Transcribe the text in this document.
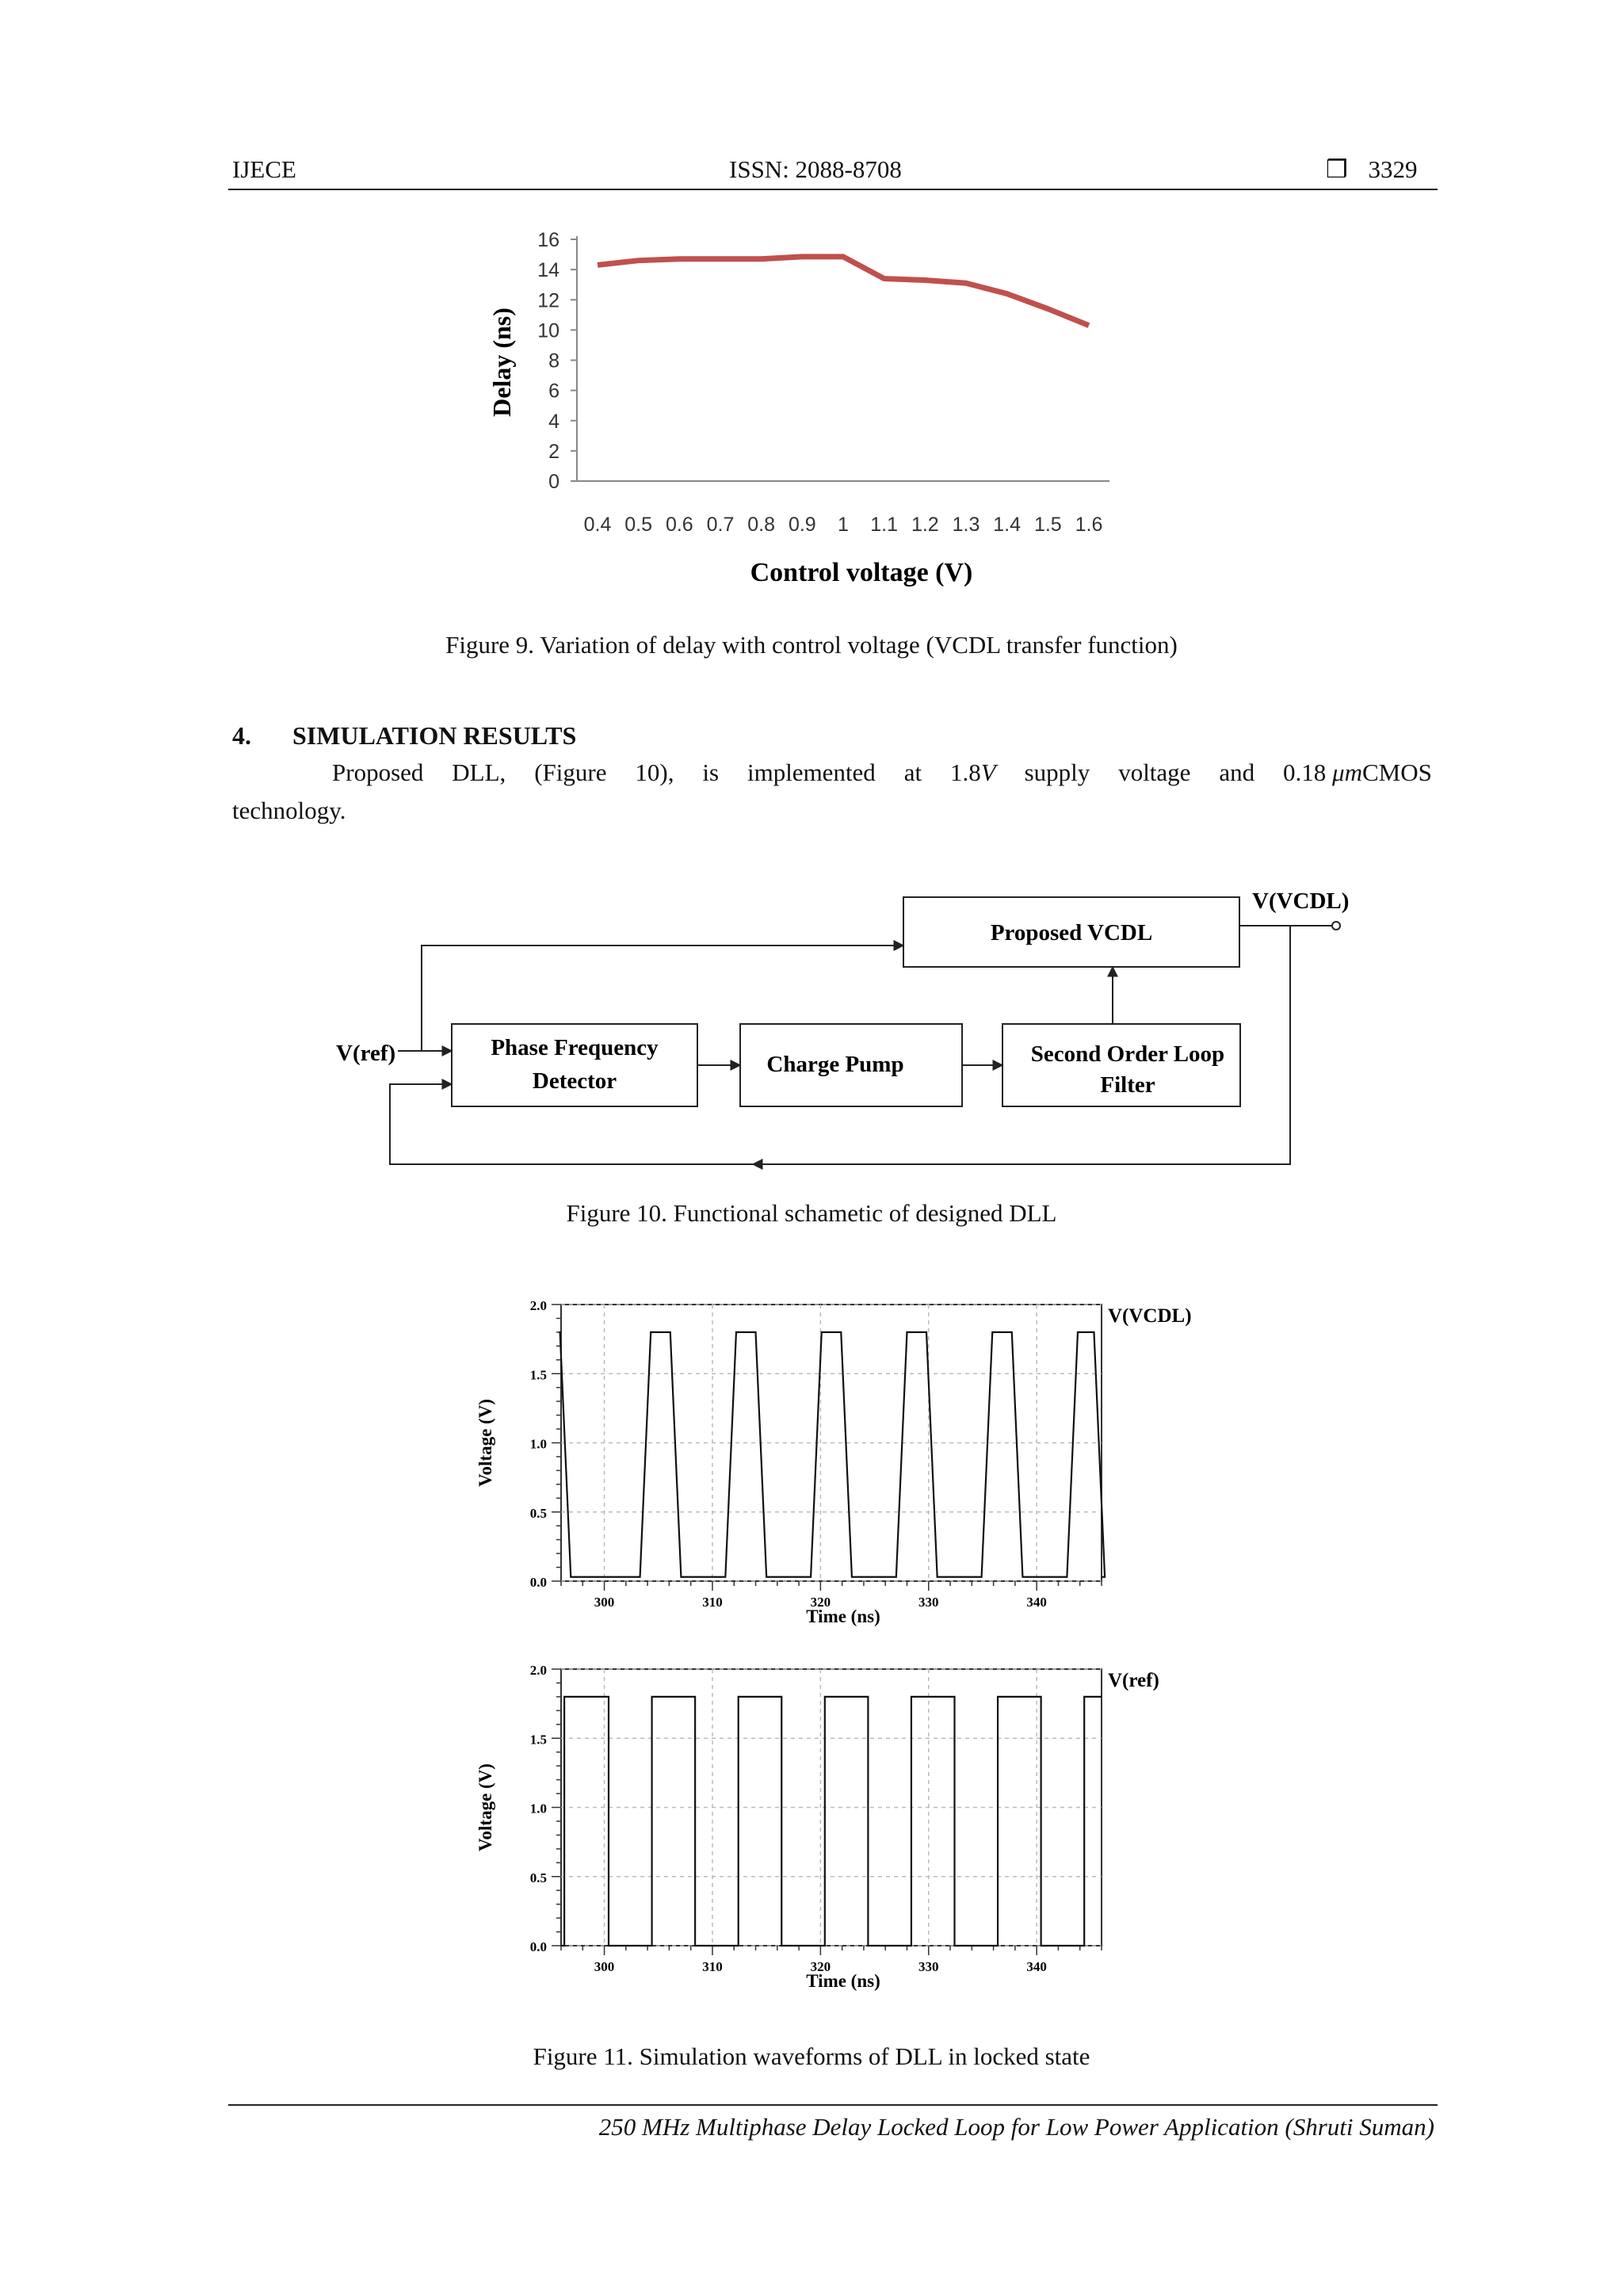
IJECE	ISSN: 2088-8708	❒ 3329
0
2
4
6
8
10
12
14
16
0.4 0.5 0.6 0.7 0.8 0.9 1 1.1 1.2 1.3 1.4 1.5 1.6
Delay (ns)
Control voltage (V)
Figure 9. Variation of delay with control voltage (VCDL transfer function)
4. SIMULATION RESULTS
Proposed DLL, (Figure 10), is implemented at 1.8V supply voltage and 0.18 μmCMOS
technology.
Proposed VCDL
Phase Frequency
Detector
Charge Pump	Second Order Loop
Filter
V(ref)
V(VCDL)
Figure 10. Functional schametic of designed DLL
0.0
0.5
1.0
1.5
2.0
300	310	320	330	340
Time (ns)
Voltage (V)
V(VCDL)
0.0
0.5
1.0
1.5
2.0
300	310	320	330	340
Time (ns)
Voltage (V)
V(ref)
Figure 11. Simulation waveforms of DLL in locked state
250 MHz Multiphase Delay Locked Loop for Low Power Application (Shruti Suman)
